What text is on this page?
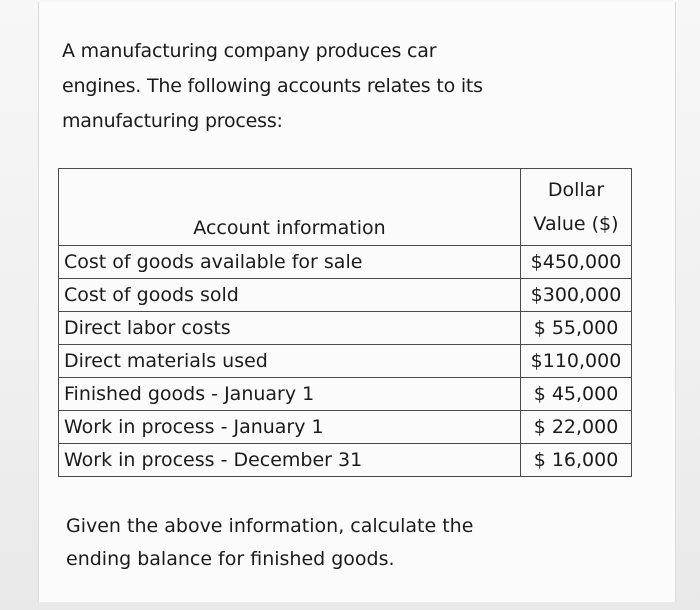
A manufacturing company produces car
engines. The following accounts relates to its
manufacturing process:
Account information	Dollar
Value ($)

Cost of goods available for sale	$450,000
Cost of goods sold	$300,000
Direct labor costs	$ 55,000
Direct materials used	$110,000
Finished goods - January 1	$ 45,000
Work in process - January 1	$ 22,000
Work in process - December 31	$ 16,000
Given the above information, calculate the
ending balance for finished goods.
